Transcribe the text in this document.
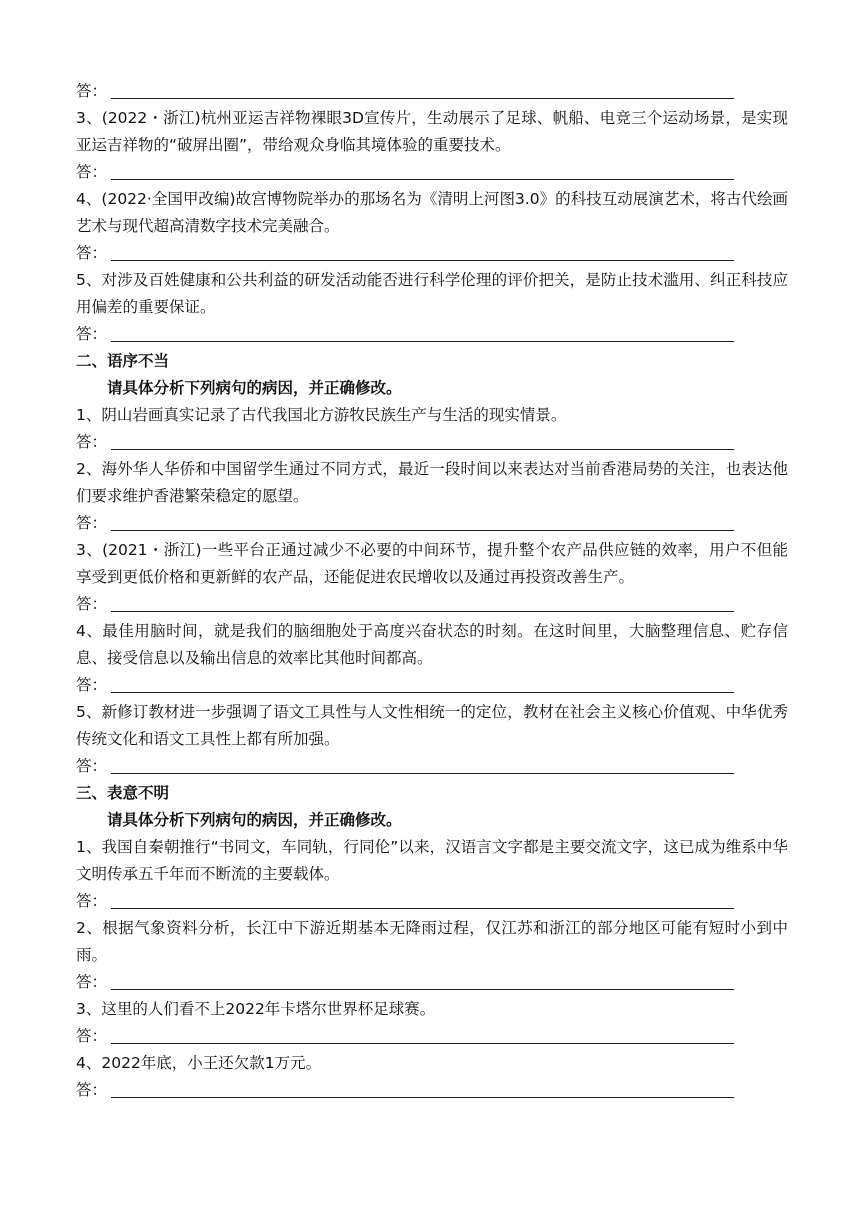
答：

3、(2022・浙江)杭州亚运吉祥物裸眼3D宣传片，生动展示了足球、帆船、电竞三个运动场景，是实现亚运吉祥物的“破屏出圈”，带给观众身临其境体验的重要技术。

答：

4、(2022·全国甲改编)故宫博物院举办的那场名为《清明上河图3.0》的科技互动展演艺术，将古代绘画艺术与现代超高清数字技术完美融合。

答：

5、对涉及百姓健康和公共利益的研发活动能否进行科学伦理的评价把关，是防止技术滥用、纠正科技应用偏差的重要保证。

答：

二、语序不当

请具体分析下列病句的病因，并正确修改。

1、阴山岩画真实记录了古代我国北方游牧民族生产与生活的现实情景。

答：

2、海外华人华侨和中国留学生通过不同方式，最近一段时间以来表达对当前香港局势的关注，也表达他们要求维护香港繁荣稳定的愿望。

答：

3、(2021・浙江)一些平台正通过减少不必要的中间环节，提升整个农产品供应链的效率，用户不但能享受到更低价格和更新鲜的农产品，还能促进农民增收以及通过再投资改善生产。

答：

4、最佳用脑时间，就是我们的脑细胞处于高度兴奋状态的时刻。在这时间里，大脑整理信息、贮存信息、接受信息以及输出信息的效率比其他时间都高。

答：

5、新修订教材进一步强调了语文工具性与人文性相统一的定位，教材在社会主义核心价值观、中华优秀传统文化和语文工具性上都有所加强。

答：

三、表意不明

请具体分析下列病句的病因，并正确修改。

1、我国自秦朝推行“书同文，车同轨，行同伦”以来，汉语言文字都是主要交流文字，这已成为维系中华文明传承五千年而不断流的主要载体。

答：

2、根据气象资料分析，长江中下游近期基本无降雨过程，仅江苏和浙江的部分地区可能有短时小到中雨。

答：

3、这里的人们看不上2022年卡塔尔世界杯足球赛。

答：

4、2022年底，小王还欠款1万元。

答：
